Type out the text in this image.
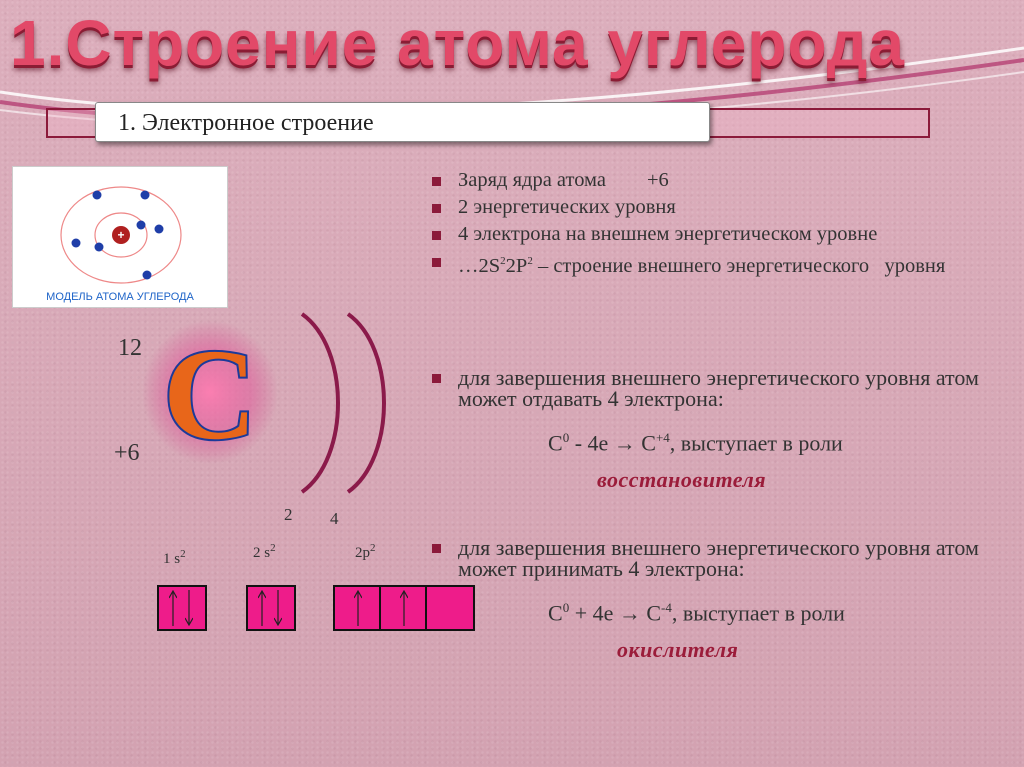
1.Строение атома углерода
1. Электронное строение
+
МОДЕЛЬ АТОМА УГЛЕРОДА
12
+6 C
2 4
1 $s^2$	2 $s^2$	$2p^2$
Заряд ядра атома        +6
2 энергетических уровня
4 электрона на внешнем энергетическом уровне
$\dots 2S^22P^2$ – строение внешнего энергетического   уровня
для завершения внешнего энергетического уровня атом может отдавать 4 электрона:
$С^0 - 4е \to С^{+4}$, выступает в роли
восстановителя
для завершения внешнего энергетического уровня атом может принимать 4 электрона:
$С^0 + 4е \to С^{-4}$, выступает в роли
окислителя
